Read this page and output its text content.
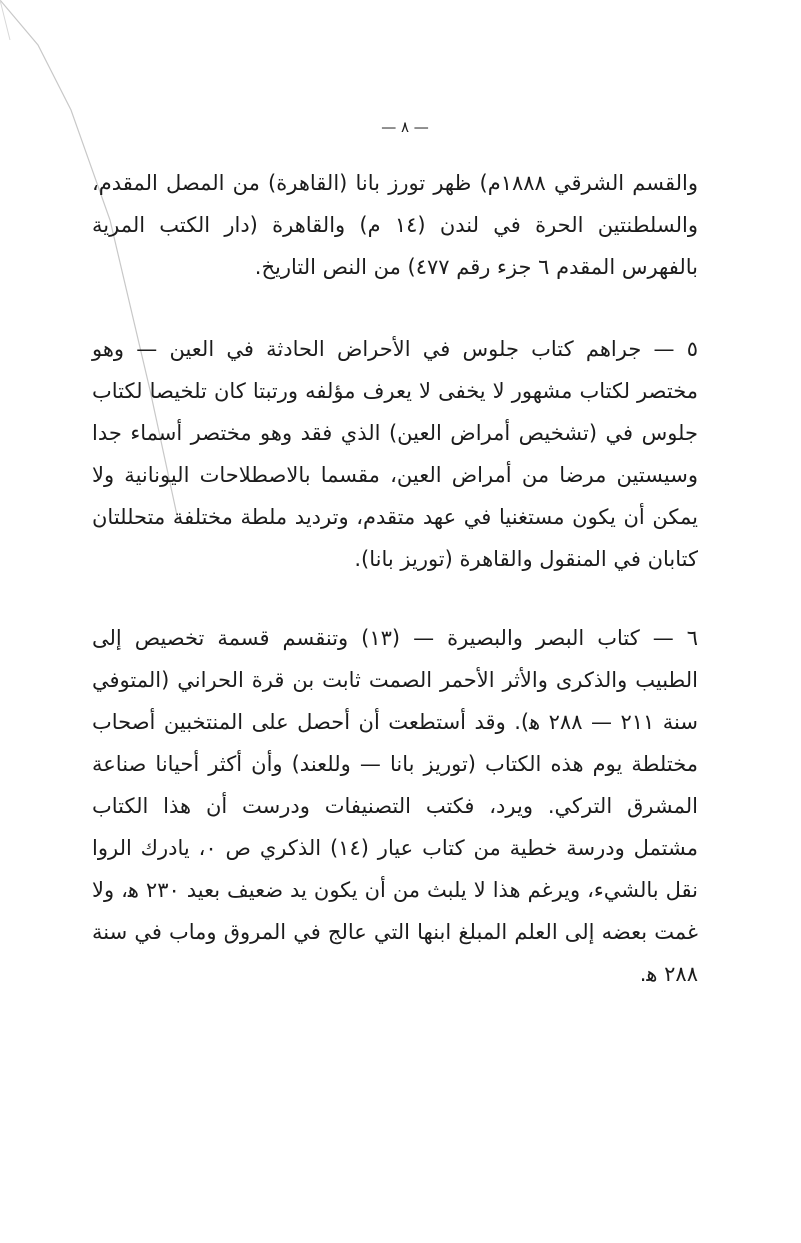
— ٨ —

والقسم الشرقي ١٨٨٨م) ظهر تورز بانا (القاهرة) من المصل المقدم، والسلطنتين الحرة في لندن (١٤ م) والقاهرة (دار الكتب المرية بالفهرس المقدم ٦ جزء رقم ٤٧٧) من النص التاريخ.

٥ — جراهم كتاب جلوس في الأحراض الحادثة في العين — وهو مختصر لكتاب مشهور لا يخفى لا يعرف مؤلفه ورتبتا كان تلخيصا لكتاب جلوس في (تشخيص أمراض العين) الذي فقد وهو مختصر أسماء جدا وسيستين مرضا من أمراض العين، مقسما بالاصطلاحات اليونانية ولا يمكن أن يكون مستغنيا في عهد متقدم، وترديد ملطة مختلفة متحللتان كتابان في المنقول والقاهرة (توريز بانا).

٦ — كتاب البصر والبصيرة — (١٣) وتنقسم قسمة تخصيص إلى الطبيب والذكرى والأثر الأحمر الصمت ثابت بن قرة الحراني (المتوفي سنة ٢١١ — ٢٨٨ ﻫ). وقد أستطعت أن أحصل على المنتخبين أصحاب مختلطة يوم هذه الكتاب (توريز بانا — وللعند) وأن أكثر أحيانا صناعة المشرق التركي. ويرد، فكتب التصنيفات ودرست أن هذا الكتاب مشتمل ودرسة خطية من كتاب عيار (١٤) الذكري ص ٠، يادرك الروا نقل بالشيء، ويرغم هذا لا يلبث من أن يكون يد ضعيف بعيد ٢٣٠ ﻫ، ولا غمت بعضه إلى العلم المبلغ ابنها التي عالج في المروق وماب في سنة ٢٨٨ ﻫ.
